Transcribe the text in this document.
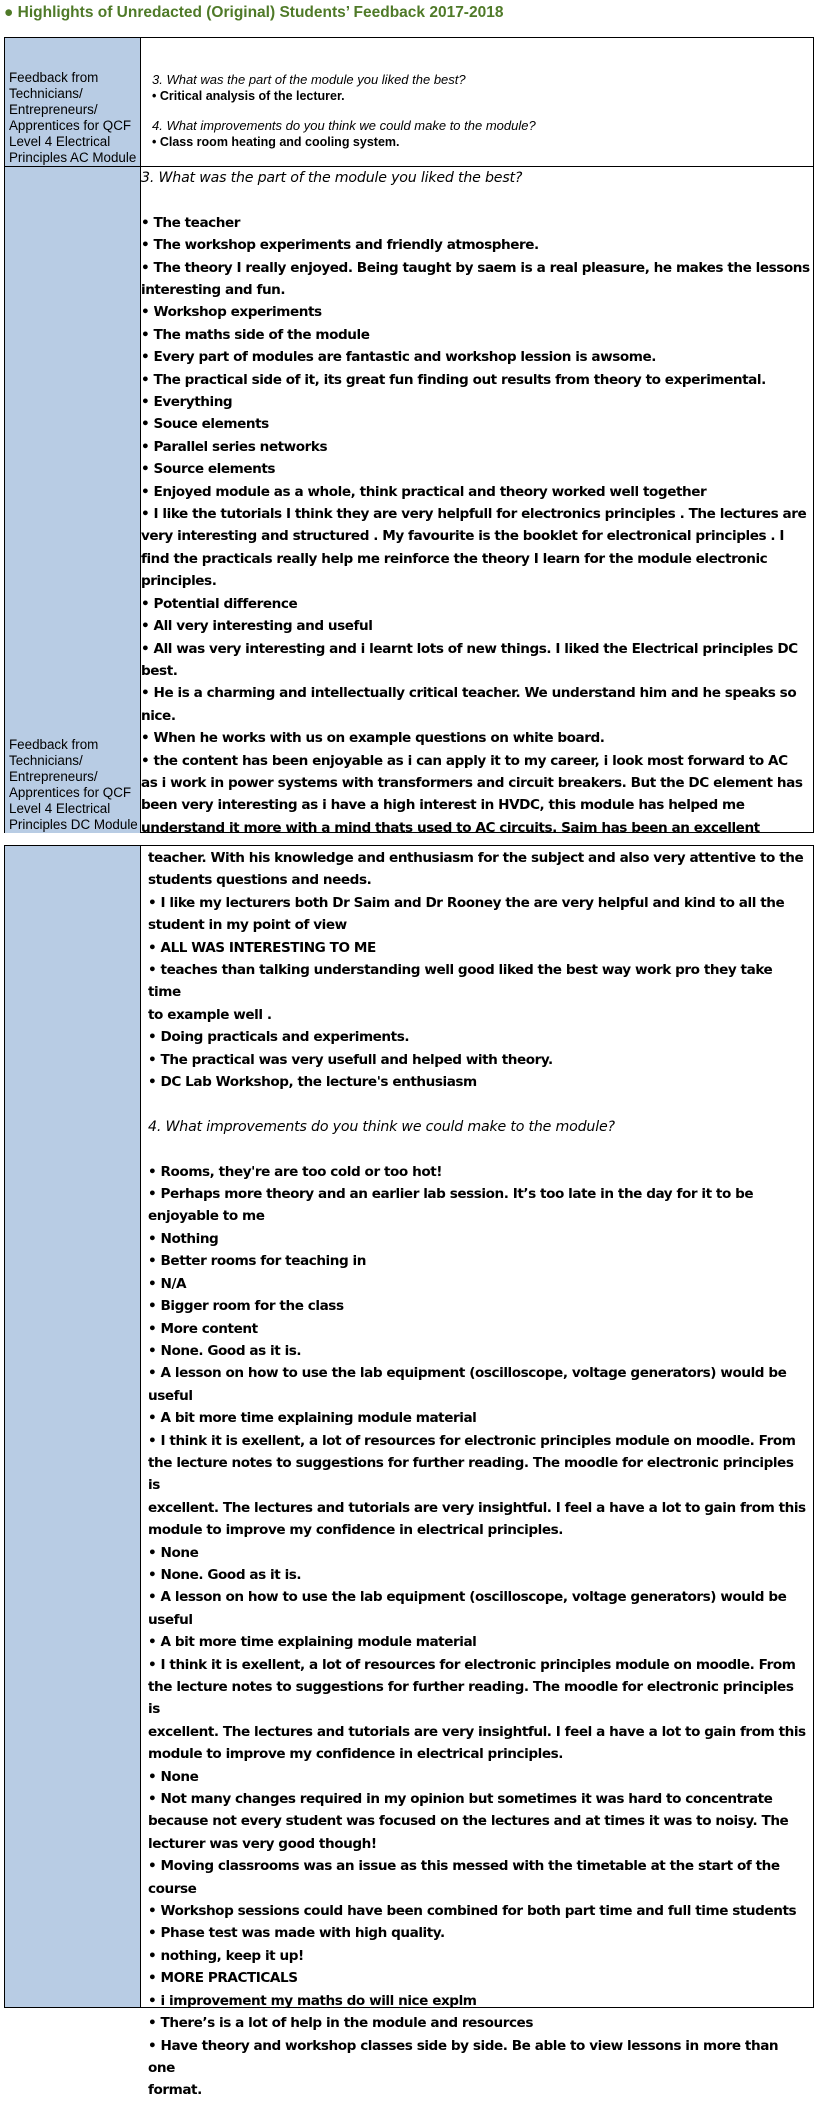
● Highlights of Unredacted (Original) Students’ Feedback 2017-2018
Feedback from Technicians/ Entrepreneurs/ Apprentices for QCF Level 4 Electrical Principles AC Module
3. What was the part of the module you liked the best?
• Critical analysis of the lecturer.
4. What improvements do you think we could make to the module?
• Class room heating and cooling system.
Feedback from Technicians/ Entrepreneurs/ Apprentices for QCF Level 4 Electrical Principles DC Module
3. What was the part of the module you liked the best?
• The teacher
• The workshop experiments and friendly atmosphere.
• The theory I really enjoyed. Being taught by saem is a real pleasure, he makes the lessons
interesting and fun.
• Workshop experiments
• The maths side of the module
• Every part of modules are fantastic and workshop lession is awsome.
• The practical side of it, its great fun finding out results from theory to experimental.
• Everything
• Souce elements
• Parallel series networks
• Source elements
• Enjoyed module as a whole, think practical and theory worked well together
• I like the tutorials I think they are very helpfull for electronics principles . The lectures are
very interesting and structured . My favourite is the booklet for electronical principles . I
find the practicals really help me reinforce the theory I learn for the module electronic
principles.
• Potential difference
• All very interesting and useful
• All was very interesting and i learnt lots of new things. I liked the Electrical principles DC
best.
• He is a charming and intellectually critical teacher. We understand him and he speaks so
nice.
• When he works with us on example questions on white board.
• the content has been enjoyable as i can apply it to my career, i look most forward to AC
as i work in power systems with transformers and circuit breakers. But the DC element has
been very interesting as i have a high interest in HVDC, this module has helped me
understand it more with a mind thats used to AC circuits. Saim has been an excellent
teacher. With his knowledge and enthusiasm for the subject and also very attentive to the
students questions and needs.
• I like my lecturers both Dr Saim and Dr Rooney the are very helpful and kind to all the
student in my point of view
• ALL WAS INTERESTING TO ME
• teaches than talking understanding well good liked the best way work pro they take time
to example well .
• Doing practicals and experiments.
• The practical was very usefull and helped with theory.
• DC Lab Workshop, the lecture's enthusiasm
4. What improvements do you think we could make to the module?
• Rooms, they're are too cold or too hot!
• Perhaps more theory and an earlier lab session. It’s too late in the day for it to be
enjoyable to me
• Nothing
• Better rooms for teaching in
• N/A
• Bigger room for the class
• More content
• None. Good as it is.
• A lesson on how to use the lab equipment (oscilloscope, voltage generators) would be
useful
• A bit more time explaining module material
• I think it is exellent, a lot of resources for electronic principles module on moodle. From
the lecture notes to suggestions for further reading. The moodle for electronic principles is
excellent. The lectures and tutorials are very insightful. I feel a have a lot to gain from this
module to improve my confidence in electrical principles.
• None
• None. Good as it is.
• A lesson on how to use the lab equipment (oscilloscope, voltage generators) would be
useful
• A bit more time explaining module material
• I think it is exellent, a lot of resources for electronic principles module on moodle. From
the lecture notes to suggestions for further reading. The moodle for electronic principles is
excellent. The lectures and tutorials are very insightful. I feel a have a lot to gain from this
module to improve my confidence in electrical principles.
• None
• Not many changes required in my opinion but sometimes it was hard to concentrate
because not every student was focused on the lectures and at times it was to noisy. The
lecturer was very good though!
• Moving classrooms was an issue as this messed with the timetable at the start of the
course
• Workshop sessions could have been combined for both part time and full time students
• Phase test was made with high quality.
• nothing, keep it up!
• MORE PRACTICALS
• i improvement my maths do will nice explm
• There’s is a lot of help in the module and resources
• Have theory and workshop classes side by side. Be able to view lessons in more than one
format.
